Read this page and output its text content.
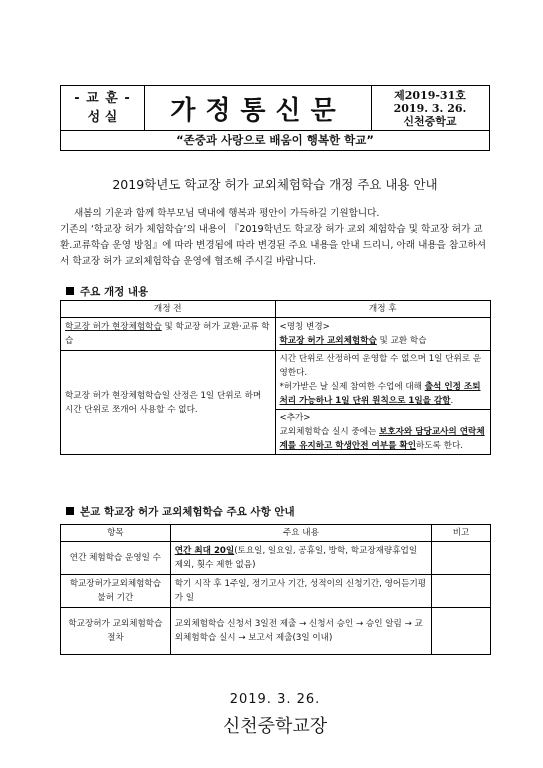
- 교 훈 -
성 실	가정통신문	제2019-31호
2019. 3. 26.
신천중학교
“존중과 사랑으로 배움이 행복한 학교”
2019학년도 학교장 허가 교외체험학습 개정 주요 내용 안내

새봄의 기운과 함께 학부모님 댁내에 행복과 평안이 가득하길 기원합니다.

기존의 ‘학교장 허가 체험학습’의 내용이 『2019학년도 학교장 허가 교외 체험학습 및 학교장 허가 교환.교류학습 운영 방침』에 따라 변경됨에 따라 변경된 주요 내용을 안내 드리니, 아래 내용을 참고하셔서 학교장 허가 교외체험학습 운영에 협조해 주시길 바랍니다.

주요 개정 내용
개정 전	개정 후
학교장 허가 현장체험학습 및 학교장 허가 교환·교류 학습	<명칭 변경>
학교장 허가 교외체험학습 및 교환 학습

학교장 허가 현장체험학습일 산정은 1일 단위로 하며 시간 단위로 쪼개어 사용할 수 없다.	시간 단위로 산정하여 운영할 수 없으며 1일 단위로 운영한다.
*허가받은 날 실제 참여한 수업에 대해 출석 인정 조퇴 처리 가능하나 1일 단위 원칙으로 1일을 감함.

	<추가>
교외체험학습 실시 중에는 보호자와 담당교사의 연락체계를 유지하고 학생안전 여부를 확인하도록 한다.
본교 학교장 허가 교외체험학습 주요 사항 안내
항목	주요 내용	비고
연간 체험학습 운영일 수	연간 최대 20일(토요일, 일요일, 공휴일, 방학, 학교장재량휴업일 제외, 횟수 제한 없음)	
학교장허가교외체험학습 불허 기간	학기 시작 후 1주일, 정기고사 기간, 성적이의 신청기간, 영어듣기평가 일	
학교장허가 교외체험학습 절차	교외체험학습 신청서 3일전 제출 → 신청서 승인 → 승인 알림 → 교외체험학습 실시 → 보고서 제출(3일 이내)	
2019. 3. 26.
신천중학교장
